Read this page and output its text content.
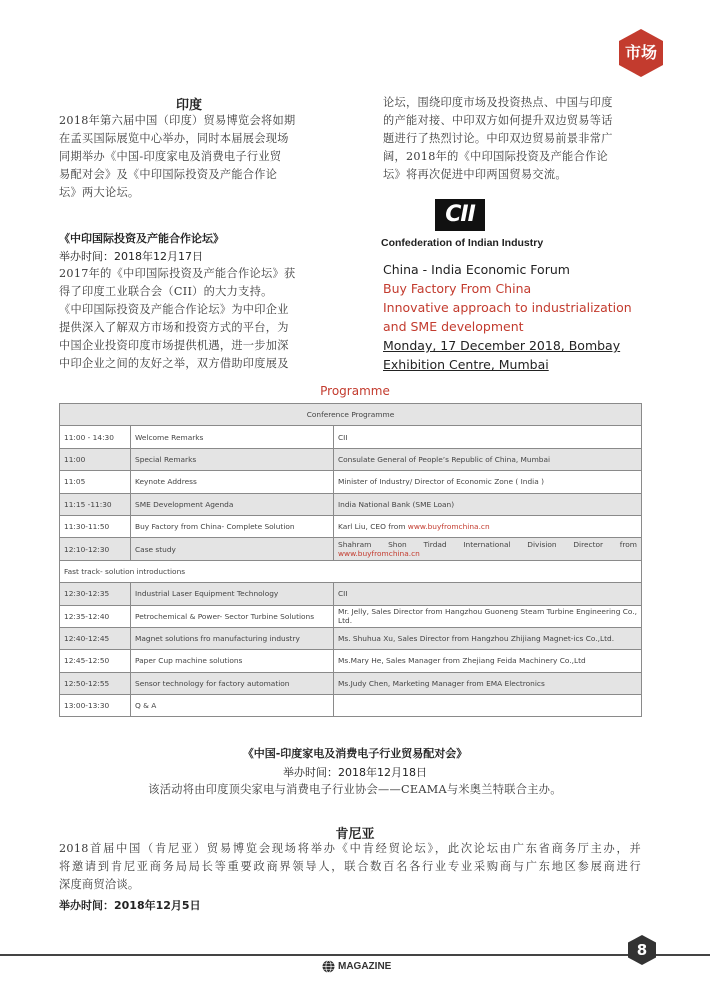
市场
印度
2018年第六届中国（印度）贸易博览会将如期
在孟买国际展览中心举办，同时本届展会现场
同期举办《中国-印度家电及消费电子行业贸
易配对会》及《中印国际投资及产能合作论
坛》两大论坛。
《中印国际投资及产能合作论坛》
举办时间：2018年12月17日
2017年的《中印国际投资及产能合作论坛》获
得了印度工业联合会（CII）的大力支持。
《中印国际投资及产能合作论坛》为中印企业
提供深入了解双方市场和投资方式的平台，为
中国企业投资印度市场提供机遇，进一步加深
中印企业之间的友好之举，双方借助印度展及
论坛，围绕印度市场及投资热点、中国与印度
的产能对接、中印双方如何提升双边贸易等话
题进行了热烈讨论。中印双边贸易前景非常广
阔，2018年的《中印国际投资及产能合作论
坛》将再次促进中印两国贸易交流。
CII
Confederation of Indian Industry
China - India Economic Forum
Buy Factory From China
Innovative approach to industrialization
and SME development
Monday, 17 December 2018, Bombay
Exhibition Centre, Mumbai
Programme
Conference Programme		
11:00 - 14:30	Welcome Remarks	CII
11:00	Special Remarks	Consulate General of People’s Republic of China, Mumbai
11:05	Keynote Address	Minister of Industry/ Director of Economic Zone ( India )
11:15 -11:30	SME Development Agenda	India National Bank (SME Loan)
11:30-11:50	Buy Factory from China- Complete Solution	Karl Liu, CEO from www.buyfromchina.cn
12:10-12:30	Case study	Shahram Shon Tirdad International Division Director from
www.buyfromchina.cn

Fast track- solution introductions		
12:30-12:35	Industrial Laser Equipment Technology	CII
12:35-12:40	Petrochemical & Power- Sector Turbine Solutions	Mr. Jelly, Sales Director from Hangzhou Guoneng Steam Turbine Engineering Co., Ltd.
12:40-12:45	Magnet solutions fro manufacturing industry	Ms. Shuhua Xu, Sales Director from Hangzhou Zhijiang Magnet-ics Co.,Ltd.
12:45-12:50	Paper Cup machine solutions	Ms.Mary He, Sales Manager from Zhejiang Feida Machinery Co.,Ltd
12:50-12:55	Sensor technology for factory automation	Ms.Judy Chen, Marketing Manager from EMA Electronics
13:00-13:30	Q & A	
《中国-印度家电及消费电子行业贸易配对会》
举办时间：2018年12月18日
该活动将由印度顶尖家电与消费电子行业协会——CEAMA与米奥兰特联合主办。
肯尼亚
2018首届中国（肯尼亚）贸易博览会现场将举办《中肯经贸论坛》，此次论坛由广东省商务厅主办，并
将邀请到肯尼亚商务局局长等重要政商界领导人，联合数百名各行业专业采购商与广东地区参展商进行
深度商贸洽谈。
举办时间：2018年12月5日
8
MAGAZINE
